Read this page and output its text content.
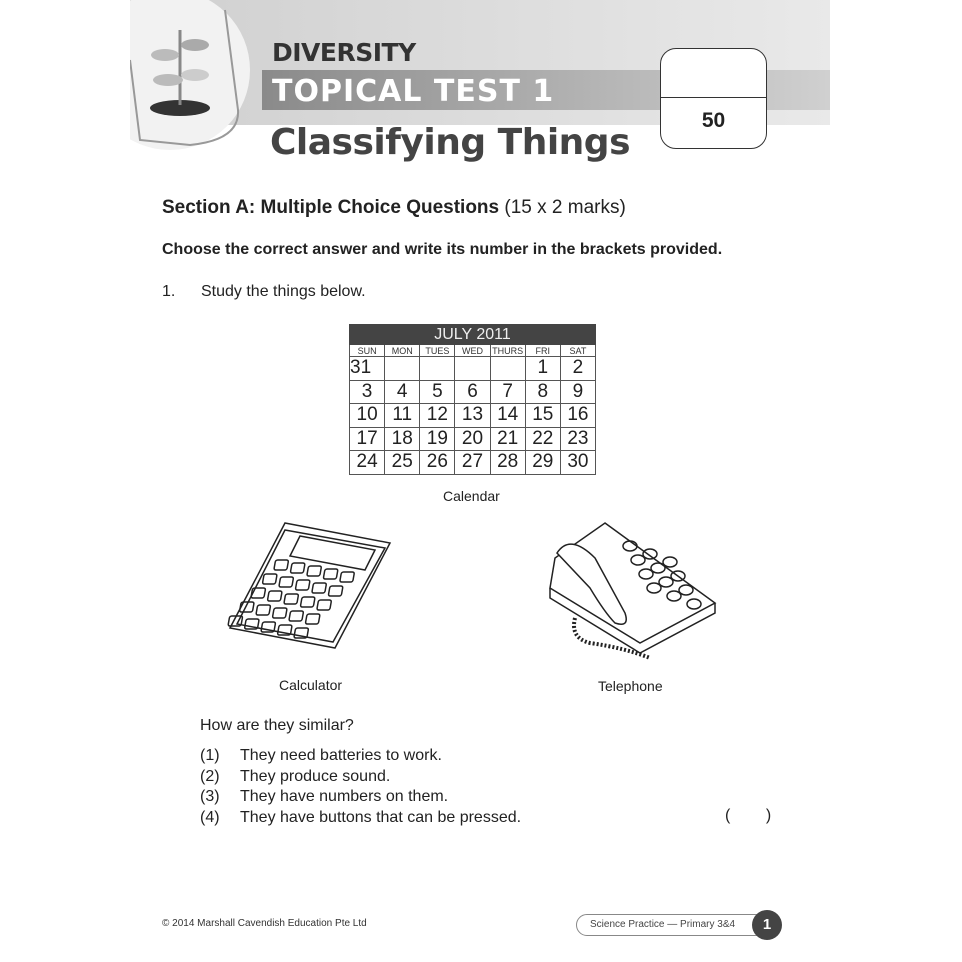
DIVERSITY
TOPICAL TEST 1
Classifying Things
50
Section A: Multiple Choice Questions (15 x 2 marks)
Choose the correct answer and write its number in the brackets provided.
1. Study the things below.
JULY 2011						
SUN	MON	TUES	WED	THURS	FRI	SAT
31					1	2
3	4	5	6	7	8	9
10	11	12	13	14	15	16
17	18	19	20	21	22	23
24	25	26	27	28	29	30
Calendar
Calculator	Telephone
How are they similar?
(1) They need batteries to work.
(2) They produce sound.
(3) They have numbers on them.
(4) They have buttons that can be pressed.	(        )
© 2014 Marshall Cavendish Education Pte Ltd	Science Practice — Primary 3&4	1
